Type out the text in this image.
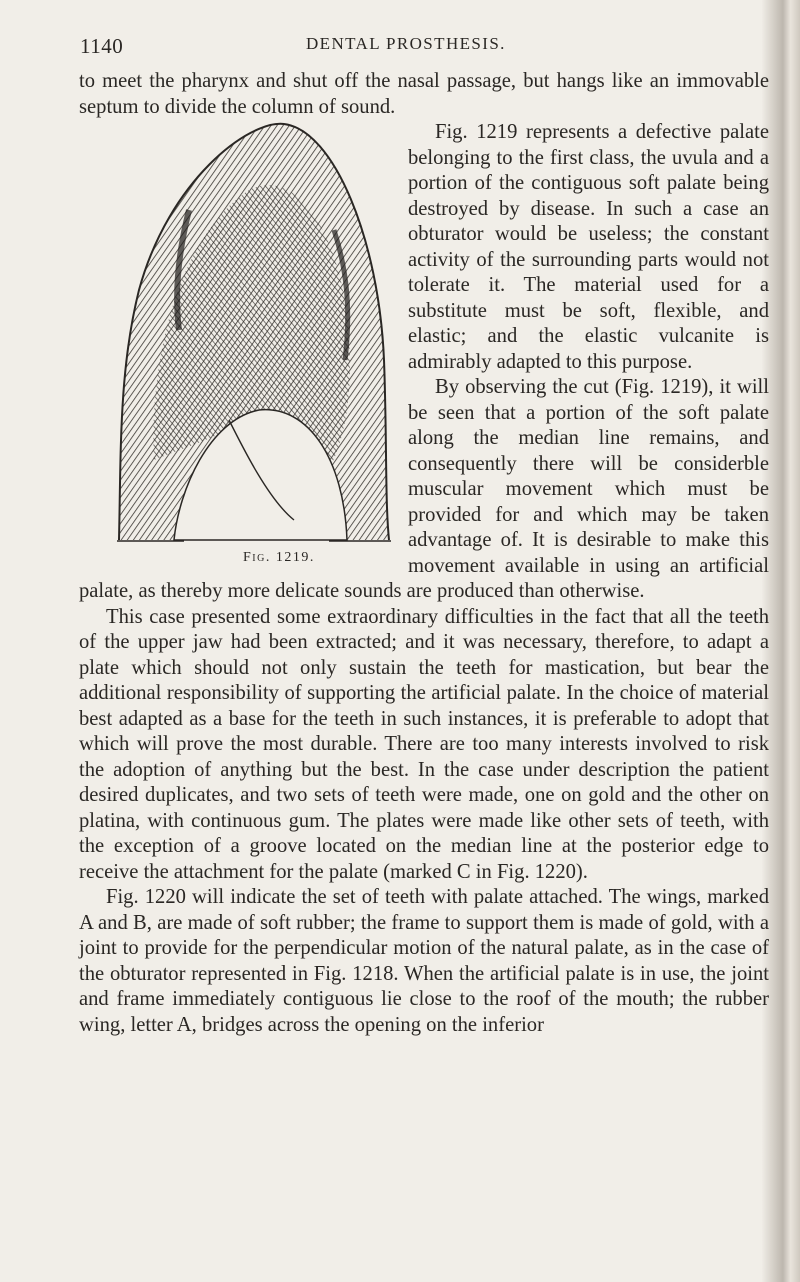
1140	DENTAL PROSTHESIS.

to meet the pharynx and shut off the nasal passage, but hangs like an immovable septum to divide the column of sound.

Fig. 1219.
Fig. 1219 represents a defective palate belonging to the first class, the uvula and a portion of the contiguous soft palate being destroyed by disease. In such a case an obturator would be useless; the constant activity of the surrounding parts would not tolerate it. The material used for a substitute must be soft, flexible, and elastic; and the elastic vulcanite is admirably adapted to this purpose.

By observing the cut (Fig. 1219), it will be seen that a portion of the soft palate along the median line remains, and consequently there will be considerble muscular movement which must be provided for and which may be taken advantage of. It is desirable to make this movement available in using an artificial palate, as thereby more delicate sounds are produced than otherwise.

This case presented some extraordinary difficulties in the fact that all the teeth of the upper jaw had been extracted; and it was necessary, therefore, to adapt a plate which should not only sustain the teeth for mastication, but bear the additional responsibility of supporting the artificial palate. In the choice of material best adapted as a base for the teeth in such instances, it is preferable to adopt that which will prove the most durable. There are too many interests involved to risk the adoption of anything but the best. In the case under description the patient desired duplicates, and two sets of teeth were made, one on gold and the other on platina, with continuous gum. The plates were made like other sets of teeth, with the exception of a groove located on the median line at the posterior edge to receive the attachment for the palate (marked C in Fig. 1220).

Fig. 1220 will indicate the set of teeth with palate attached. The wings, marked A and B, are made of soft rubber; the frame to support them is made of gold, with a joint to provide for the perpendicular motion of the natural palate, as in the case of the obturator represented in Fig. 1218. When the artificial palate is in use, the joint and frame immediately contiguous lie close to the roof of the mouth; the rubber wing, letter A, bridges across the opening on the inferior
